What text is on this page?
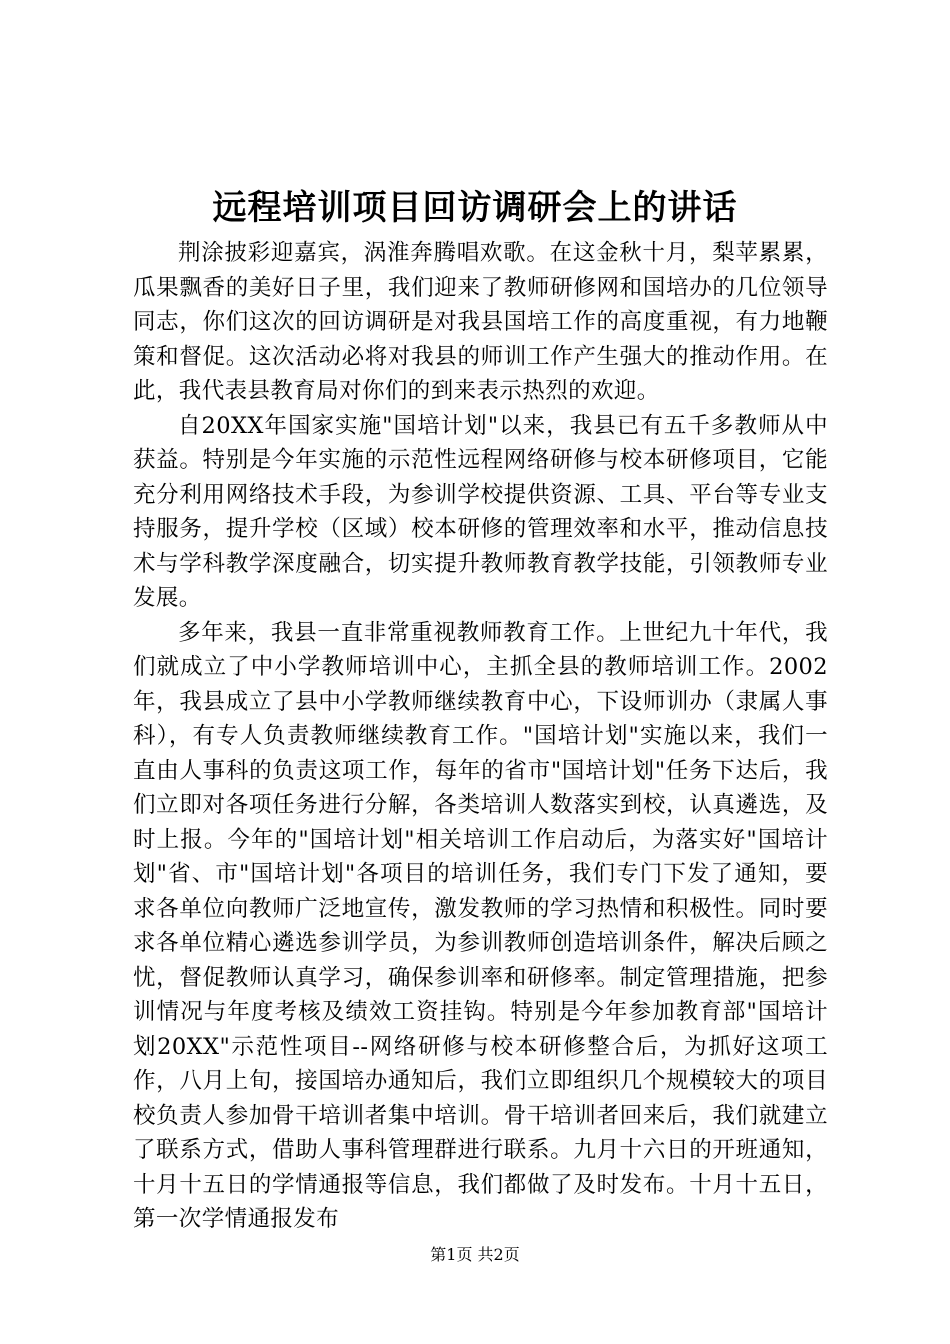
远程培训项目回访调研会上的讲话

荆涂披彩迎嘉宾，涡淮奔腾唱欢歌。在这金秋十月，梨苹累累，瓜果飘香的美好日子里，我们迎来了教师研修网和国培办的几位领导同志，你们这次的回访调研是对我县国培工作的高度重视，有力地鞭策和督促。这次活动必将对我县的师训工作产生强大的推动作用。在此，我代表县教育局对你们的到来表示热烈的欢迎。

自20XX年国家实施"国培计划"以来，我县已有五千多教师从中获益。特别是今年实施的示范性远程网络研修与校本研修项目，它能充分利用网络技术手段，为参训学校提供资源、工具、平台等专业支持服务，提升学校（区域）校本研修的管理效率和水平，推动信息技术与学科教学深度融合，切实提升教师教育教学技能，引领教师专业发展。

多年来，我县一直非常重视教师教育工作。上世纪九十年代，我们就成立了中小学教师培训中心，主抓全县的教师培训工作。2002年，我县成立了县中小学教师继续教育中心，下设师训办（隶属人事科），有专人负责教师继续教育工作。"国培计划"实施以来，我们一直由人事科的负责这项工作，每年的省市"国培计划"任务下达后，我们立即对各项任务进行分解，各类培训人数落实到校，认真遴选，及时上报。今年的"国培计划"相关培训工作启动后，为落实好"国培计划"省、市"国培计划"各项目的培训任务，我们专门下发了通知，要求各单位向教师广泛地宣传，激发教师的学习热情和积极性。同时要求各单位精心遴选参训学员，为参训教师创造培训条件，解决后顾之忧，督促教师认真学习，确保参训率和研修率。制定管理措施，把参训情况与年度考核及绩效工资挂钩。特别是今年参加教育部"国培计划20XX"示范性项目--网络研修与校本研修整合后，为抓好这项工作，八月上旬，接国培办通知后，我们立即组织几个规模较大的项目校负责人参加骨干培训者集中培训。骨干培训者回来后，我们就建立了联系方式，借助人事科管理群进行联系。九月十六日的开班通知，十月十五日的学情通报等信息，我们都做了及时发布。十月十五日，第一次学情通报发布

第1页 共2页
